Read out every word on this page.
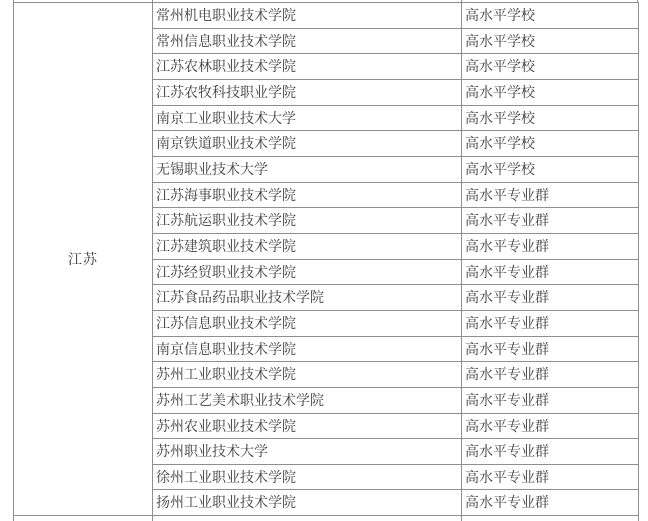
江苏	常州机电职业技术学院	高水平学校
	常州信息职业技术学院	高水平学校
	江苏农林职业技术学院	高水平学校
	江苏农牧科技职业学院	高水平学校
	南京工业职业技术大学	高水平学校
	南京铁道职业技术学院	高水平学校
	无锡职业技术大学	高水平学校
	江苏海事职业技术学院	高水平专业群
	江苏航运职业技术学院	高水平专业群
	江苏建筑职业技术学院	高水平专业群
	江苏经贸职业技术学院	高水平专业群
	江苏食品药品职业技术学院	高水平专业群
	江苏信息职业技术学院	高水平专业群
	南京信息职业技术学院	高水平专业群
	苏州工业职业技术学院	高水平专业群
	苏州工艺美术职业技术学院	高水平专业群
	苏州农业职业技术学院	高水平专业群
	苏州职业技术大学	高水平专业群
	徐州工业职业技术学院	高水平专业群
	扬州工业职业技术学院	高水平专业群
